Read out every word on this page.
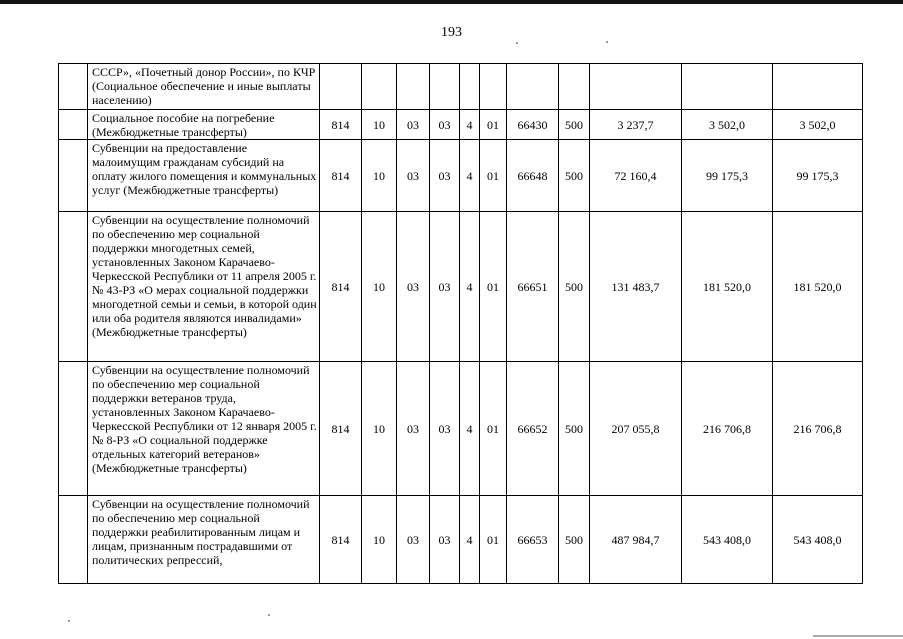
193
	СССР», «Почетный донор России», по КЧР (Социальное обеспечение и иные выплаты населению)											
	Социальное пособие на погребение (Межбюджетные трансферты)	814	10	03	03	4	01	66430	500	3 237,7	3 502,0	3 502,0
	Субвенции на предоставление малоимущим гражданам субсидий на оплату жилого помещения и коммунальных услуг (Межбюджетные трансферты)	814	10	03	03	4	01	66648	500	72 160,4	99 175,3	99 175,3
	Субвенции на осуществление полномочий по обеспечению мер социальной поддержки многодетных семей, установленных Законом Карачаево-Черкесской Республики от 11 апреля 2005 г. № 43-РЗ «О мерах социальной поддержки многодетной семьи и семьи, в которой один или оба родителя являются инвалидами» (Межбюджетные трансферты)	814	10	03	03	4	01	66651	500	131 483,7	181 520,0	181 520,0
	Субвенции на осуществление полномочий по обеспечению мер социальной поддержки ветеранов труда, установленных Законом Карачаево-Черкесской Республики от 12 января 2005 г. № 8-РЗ «О социальной поддержке отдельных категорий ветеранов» (Межбюджетные трансферты)	814	10	03	03	4	01	66652	500	207 055,8	216 706,8	216 706,8
	Субвенции на осуществление полномочий по обеспечению мер социальной поддержки реабилитированным лицам и лицам, признанным пострадавшими от политических репрессий,	814	10	03	03	4	01	66653	500	487 984,7	543 408,0	543 408,0
